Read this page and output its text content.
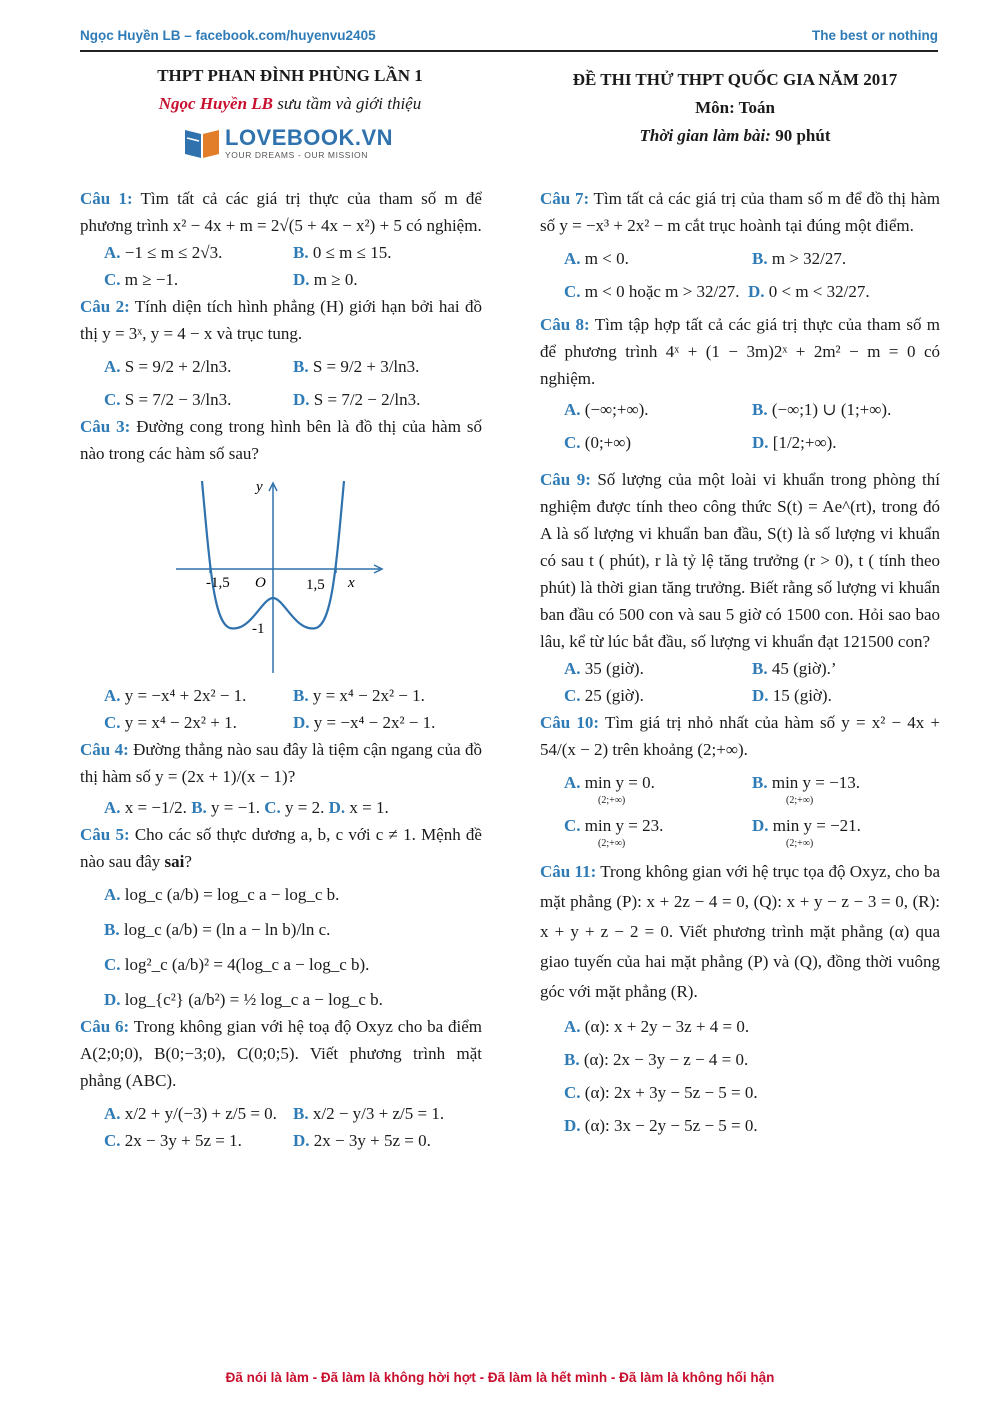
Ngọc Huyền LB – facebook.com/huyenvu2405	The best or nothing
THPT PHAN ĐÌNH PHÙNG LẦN 1
Ngọc Huyền LB sưu tầm và giới thiệu
LOVEBOOK.VN
YOUR DREAMS - OUR MISSION
ĐỀ THI THỬ THPT QUỐC GIA NĂM 2017
Môn: Toán
Thời gian làm bài: 90 phút

Câu 1: Tìm tất cả các giá trị thực của tham số m để phương trình x² − 4x + m = 2√(5 + 4x − x²) + 5 có nghiệm.

A. −1 ≤ m ≤ 2√3.	B. 0 ≤ m ≤ 15.
C. m ≥ −1.	D. m ≥ 0.

Câu 2: Tính diện tích hình phẳng (H) giới hạn bởi hai đồ thị y = 3ˣ, y = 4 − x và trục tung.

A. S = 9/2 + 2/ln3.	B. S = 9/2 + 3/ln3.
C. S = 7/2 − 3/ln3.	D. S = 7/2 − 2/ln3.

Câu 3: Đường cong trong hình bên là đồ thị của hàm số nào trong các hàm số sau?

y
x
O
-1,5	1,5
-1
A. y = −x⁴ + 2x² − 1.	B. y = x⁴ − 2x² − 1.
C. y = x⁴ − 2x² + 1.	D. y = −x⁴ − 2x² − 1.

Câu 4: Đường thẳng nào sau đây là tiệm cận ngang của đồ thị hàm số y = (2x + 1)/(x − 1)?

A. x = −1/2. B. y = −1. C. y = 2. D. x = 1.

Câu 5: Cho các số thực dương a, b, c với c ≠ 1. Mệnh đề nào sau đây sai?

A. log_c (a/b) = log_c a − log_c b.
B. log_c (a/b) = (ln a − ln b)/ln c.
C. log²_c (a/b)² = 4(log_c a − log_c b).
D. log_{c²} (a/b²) = ½ log_c a − log_c b.

Câu 6: Trong không gian với hệ toạ độ Oxyz cho ba điểm A(2;0;0), B(0;−3;0), C(0;0;5). Viết phương trình mặt phẳng (ABC).

A. x/2 + y/(−3) + z/5 = 0. B. x/2 − y/3 + z/5 = 1.
C. 2x − 3y + 5z = 1.	D. 2x − 3y + 5z = 0.

Câu 7: Tìm tất cả các giá trị của tham số m để đồ thị hàm số y = −x³ + 2x² − m cắt trục hoành tại đúng một điểm.

A. m < 0.	B. m > 32/27.
C. m < 0 hoặc m > 32/27. D. 0 < m < 32/27.

Câu 8: Tìm tập hợp tất cả các giá trị thực của tham số m để phương trình 4ˣ + (1 − 3m)2ˣ + 2m² − m = 0 có nghiệm.

A. (−∞;+∞).	B. (−∞;1) ∪ (1;+∞).
C. (0;+∞)	D. [1/2;+∞).

Câu 9: Số lượng của một loài vi khuẩn trong phòng thí nghiệm được tính theo công thức S(t) = Ae^(rt), trong đó A là số lượng vi khuẩn ban đầu, S(t) là số lượng vi khuẩn có sau t ( phút), r là tỷ lệ tăng trưởng (r > 0), t ( tính theo phút) là thời gian tăng trưởng. Biết rằng số lượng vi khuẩn ban đầu có 500 con và sau 5 giờ có 1500 con. Hỏi sao bao lâu, kể từ lúc bắt đầu, số lượng vi khuẩn đạt 121500 con?

A. 35 (giờ).	B. 45 (giờ).’
C. 25 (giờ).	D. 15 (giờ).

Câu 10: Tìm giá trị nhỏ nhất của hàm số y = x² − 4x + 54/(x − 2) trên khoảng (2;+∞).

A. min y = 0.
(2;+∞)
B. min y = −13.
(2;+∞)
C. min y = 23.
(2;+∞)
D. min y = −21.
(2;+∞)

Câu 11: Trong không gian với hệ trục tọa độ Oxyz, cho ba mặt phẳng (P): x + 2z − 4 = 0, (Q): x + y − z − 3 = 0, (R): x + y + z − 2 = 0. Viết phương trình mặt phẳng (α) qua giao tuyến của hai mặt phẳng (P) và (Q), đồng thời vuông góc với mặt phẳng (R).

A. (α): x + 2y − 3z + 4 = 0.
B. (α): 2x − 3y − z − 4 = 0.
C. (α): 2x + 3y − 5z − 5 = 0.
D. (α): 3x − 2y − 5z − 5 = 0.
Đã nói là làm - Đã làm là không hời hợt - Đã làm là hết mình - Đã làm là không hối hận
